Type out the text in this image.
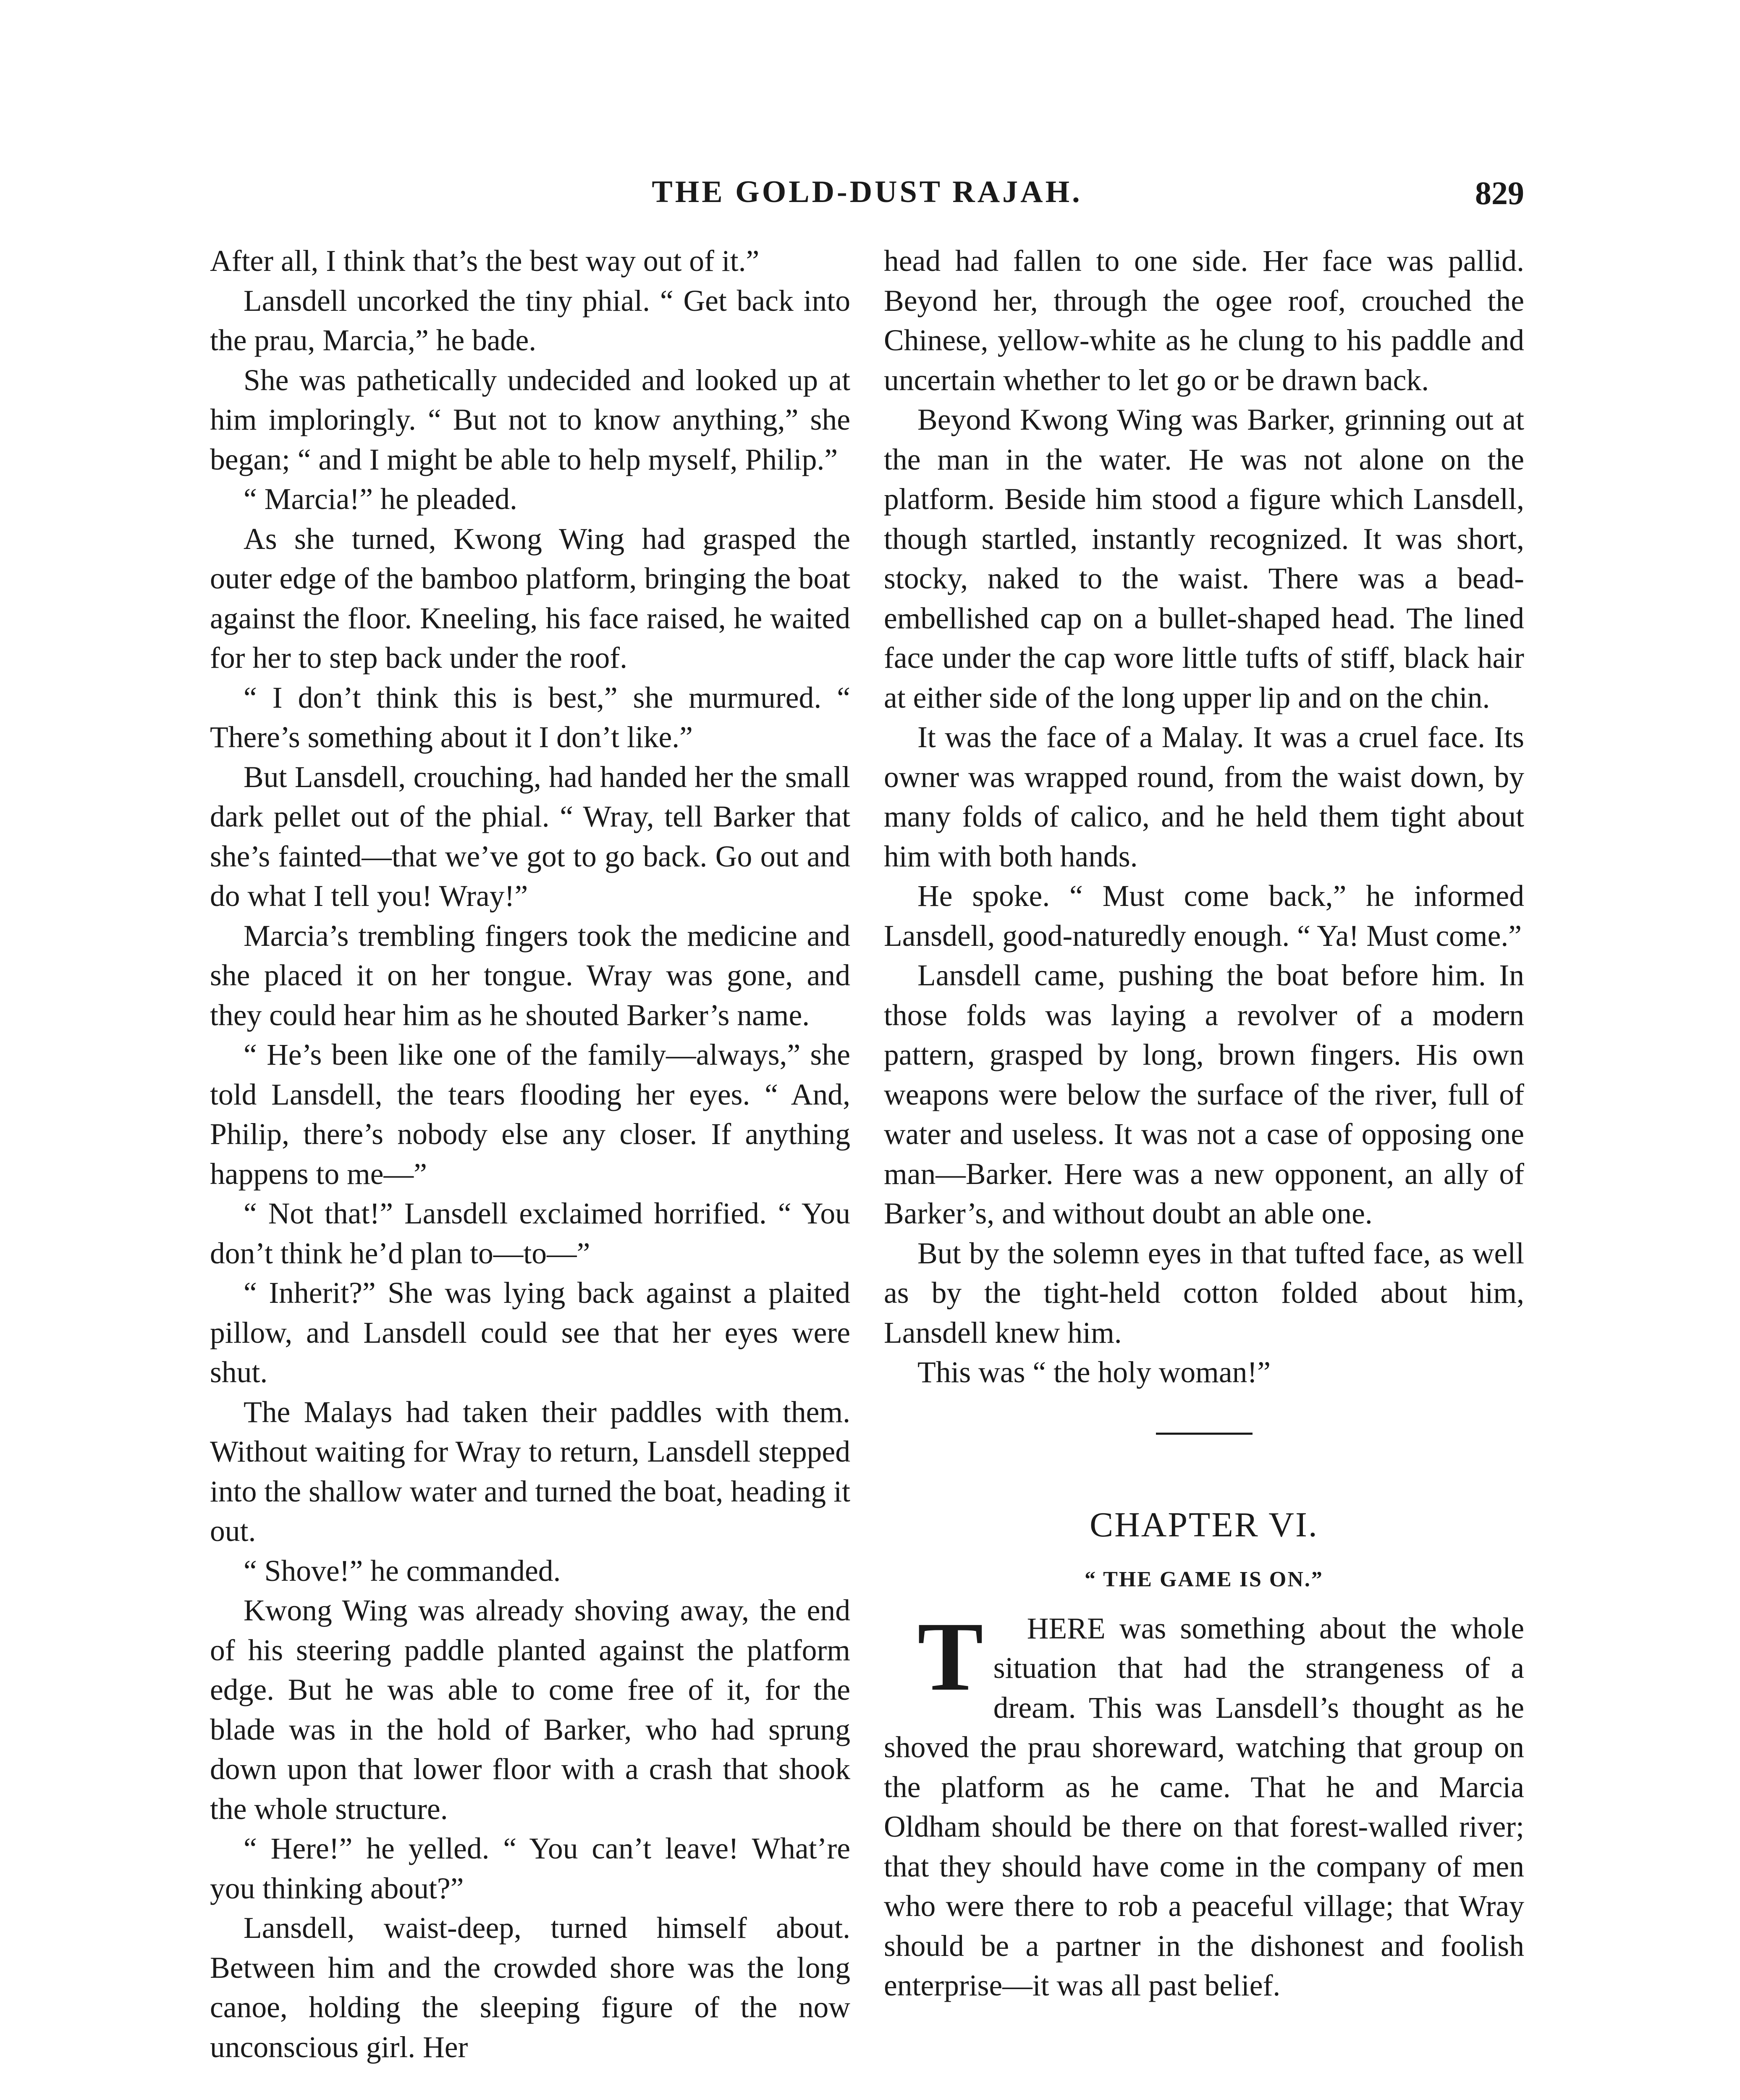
THE GOLD-DUST RAJAH.	829

After all, I think that’s the best way out of it.”

Lansdell uncorked the tiny phial. “ Get back into the prau, Marcia,” he bade.

She was pathetically undecided and looked up at him imploringly. “ But not to know anything,” she began; “ and I might be able to help myself, Philip.”

“ Marcia!” he pleaded.

As she turned, Kwong Wing had grasped the outer edge of the bamboo platform, bringing the boat against the floor. Kneeling, his face raised, he waited for her to step back under the roof.

“ I don’t think this is best,” she murmured. “ There’s something about it I don’t like.”

But Lansdell, crouching, had handed her the small dark pellet out of the phial. “ Wray, tell Barker that she’s fainted—that we’ve got to go back. Go out and do what I tell you! Wray!”

Marcia’s trembling fingers took the medicine and she placed it on her tongue. Wray was gone, and they could hear him as he shouted Barker’s name.

“ He’s been like one of the family—always,” she told Lansdell, the tears flooding her eyes. “ And, Philip, there’s nobody else any closer. If anything happens to me—”

“ Not that!” Lansdell exclaimed horrified. “ You don’t think he’d plan to—to—”

“ Inherit?” She was lying back against a plaited pillow, and Lansdell could see that her eyes were shut.

The Malays had taken their paddles with them. Without waiting for Wray to return, Lansdell stepped into the shallow water and turned the boat, heading it out.

“ Shove!” he commanded.

Kwong Wing was already shoving away, the end of his steering paddle planted against the platform edge. But he was able to come free of it, for the blade was in the hold of Barker, who had sprung down upon that lower floor with a crash that shook the whole structure.

“ Here!” he yelled. “ You can’t leave! What’re you thinking about?”

Lansdell, waist-deep, turned himself about. Between him and the crowded shore was the long canoe, holding the sleeping figure of the now unconscious girl. Her

head had fallen to one side. Her face was pallid. Beyond her, through the ogee roof, crouched the Chinese, yellow-white as he clung to his paddle and uncertain whether to let go or be drawn back.

Beyond Kwong Wing was Barker, grinning out at the man in the water. He was not alone on the platform. Beside him stood a figure which Lansdell, though startled, instantly recognized. It was short, stocky, naked to the waist. There was a bead-embellished cap on a bullet-shaped head. The lined face under the cap wore little tufts of stiff, black hair at either side of the long upper lip and on the chin.

It was the face of a Malay. It was a cruel face. Its owner was wrapped round, from the waist down, by many folds of calico, and he held them tight about him with both hands.

He spoke. “ Must come back,” he informed Lansdell, good-naturedly enough. “ Ya! Must come.”

Lansdell came, pushing the boat before him. In those folds was laying a revolver of a modern pattern, grasped by long, brown fingers. His own weapons were below the surface of the river, full of water and useless. It was not a case of opposing one man—Barker. Here was a new opponent, an ally of Barker’s, and without doubt an able one.

But by the solemn eyes in that tufted face, as well as by the tight-held cotton folded about him, Lansdell knew him.

This was “ the holy woman!”

CHAPTER VI.
“ THE GAME IS ON.”

T HERE was something about the whole situation that had the strangeness of a dream. This was Lansdell’s thought as he shoved the prau shoreward, watching that group on the platform as he came. That he and Marcia Oldham should be there on that forest-walled river; that they should have come in the company of men who were there to rob a peaceful village; that Wray should be a partner in the dishonest and foolish enterprise—it was all past belief.
